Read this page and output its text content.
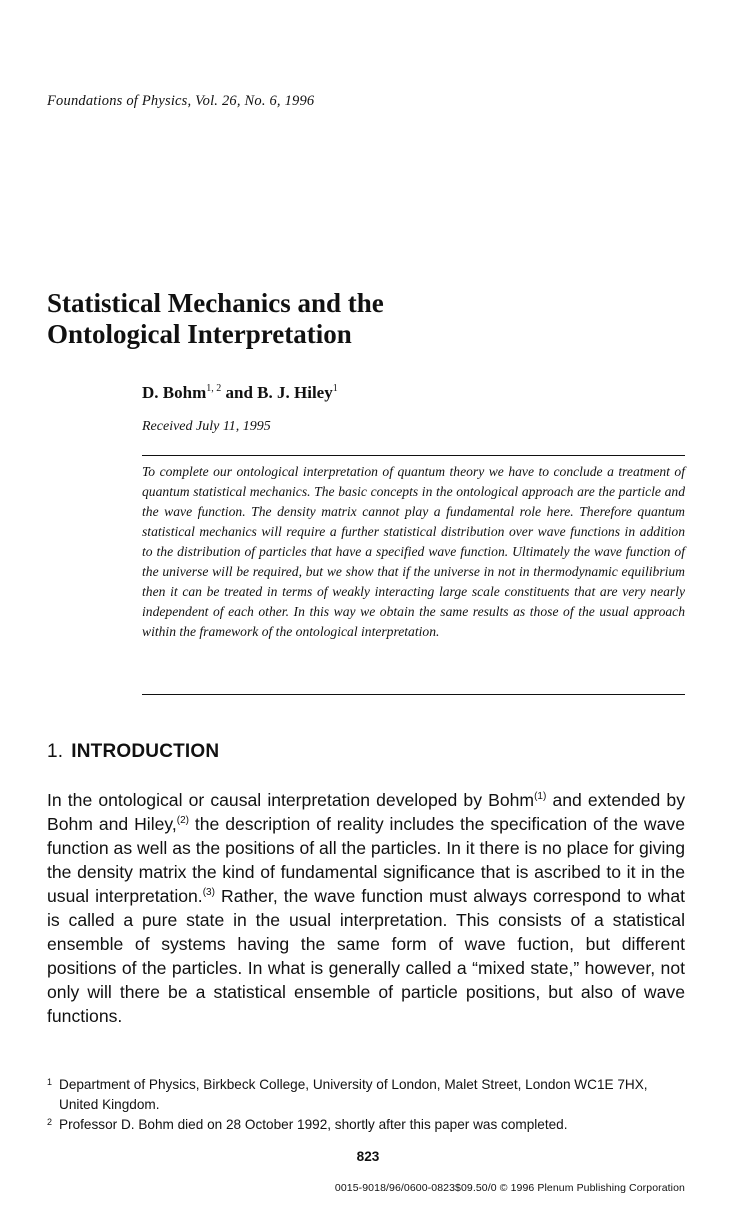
Foundations of Physics, Vol. 26, No. 6, 1996
Statistical Mechanics and the
Ontological Interpretation
D. Bohm$^{1, 2}$ and B. J. Hiley$^1$
Received July 11, 1995
To complete our ontological interpretation of quantum theory we have to conclude a treatment of quantum statistical mechanics. The basic concepts in the ontological approach are the particle and the wave function. The density matrix cannot play a fundamental role here. Therefore quantum statistical mechanics will require a further statistical distribution over wave functions in addition to the distribution of particles that have a specified wave function. Ultimately the wave function of the universe will be required, but we show that if the universe in not in thermodynamic equilibrium then it can be treated in terms of weakly interacting large scale constituents that are very nearly independent of each other. In this way we obtain the same results as those of the usual approach within the framework of the ontological interpretation.
1. INTRODUCTION
In the ontological or causal interpretation developed by Bohm$^{(1)}$ and extended by Bohm and Hiley,$^{(2)}$ the description of reality includes the specification of the wave function as well as the positions of all the particles. In it there is no place for giving the density matrix the kind of fundamental significance that is ascribed to it in the usual interpretation.$^{(3)}$ Rather, the wave function must always correspond to what is called a pure state in the usual interpretation. This consists of a statistical ensemble of systems having the same form of wave fuction, but different positions of the particles. In what is generally called a “mixed state,” however, not only will there be a statistical ensemble of particle positions, but also of wave functions.
1 Department of Physics, Birkbeck College, University of London, Malet Street, London WC1E 7HX, United Kingdom.
2 Professor D. Bohm died on 28 October 1992, shortly after this paper was completed.
823
0015-9018/96/0600-0823$09.50/0 © 1996 Plenum Publishing Corporation
